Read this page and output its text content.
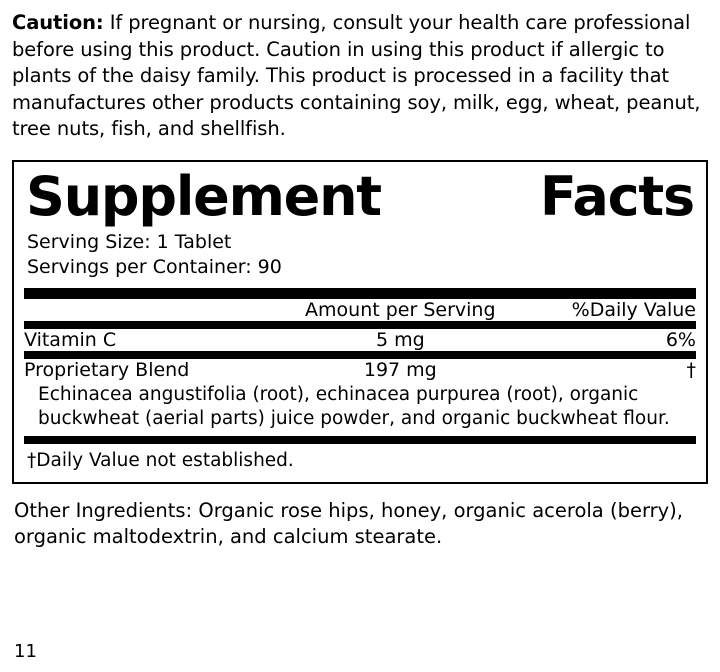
Caution: If pregnant or nursing, consult your health care professional before using this product. Caution in using this product if allergic to plants of the daisy family. This product is processed in a facility that manufactures other products containing soy, milk, egg, wheat, peanut, tree nuts, fish, and shellfish.

Supplement	Facts
Serving Size: 1 Tablet
Servings per Container: 90
	Amount per Serving	%Daily Value
Vitamin C	5 mg	6%
Proprietary Blend	197 mg	†
Echinacea angustifolia (root), echinacea purpurea (root), organic buckwheat (aerial parts) juice powder, and organic buckwheat flour.
†Daily Value not established.

Other Ingredients: Organic rose hips, honey, organic acerola (berry), organic maltodextrin, and calcium stearate.

11
